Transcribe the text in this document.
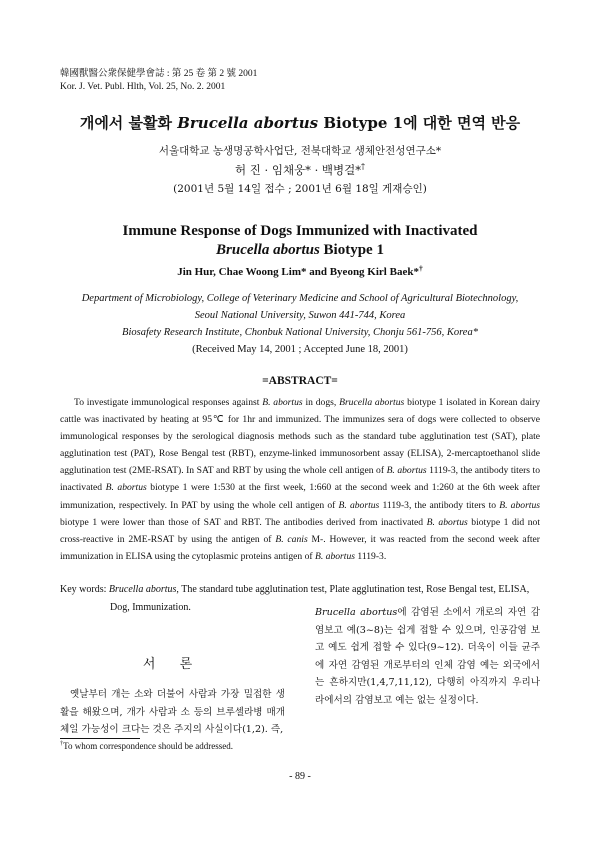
韓國獸醫公衆保健學會誌 : 第 25 卷 第 2 號 2001
Kor. J. Vet. Publ. Hlth, Vol. 25, No. 2. 2001
개에서 불활화 Brucella abortus Biotype 1에 대한 면역 반응
서울대학교 농생명공학사업단, 전북대학교 생체안전성연구소*
허 진 · 임채웅* · 백병걸*†
(2001년 5월 14일 접수 ; 2001년 6월 18일 게재승인)
Immune Response of Dogs Immunized with Inactivated
Brucella abortus Biotype 1
Jin Hur, Chae Woong Lim* and Byeong Kirl Baek*†
Department of Microbiology, College of Veterinary Medicine and School of Agricultural Biotechnology,
Seoul National University, Suwon 441-744, Korea
Biosafety Research Institute, Chonbuk National University, Chonju 561-756, Korea*
(Received May 14, 2001 ; Accepted June 18, 2001)
=ABSTRACT=
To investigate immunological responses against B. abortus in dogs, Brucella abortus biotype 1 isolated in Korean dairy cattle was inactivated by heating at 95℃ for 1hr and immunized. The immunizes sera of dogs were collected to observe immunological responses by the serological diagnosis methods such as the standard tube agglutination test (SAT), plate agglutination test (PAT), Rose Bengal test (RBT), enzyme-linked immunosorbent assay (ELISA), 2-mercaptoethanol slide agglutination test (2ME-RSAT). In SAT and RBT by using the whole cell antigen of B. abortus 1119-3, the antibody titers to inactivated B. abortus biotype 1 were 1:530 at the first week, 1:660 at the second week and 1:260 at the 6th week after immunization, respectively. In PAT by using the whole cell antigen of B. abortus 1119-3, the antibody titers to B. abortus biotype 1 were lower than those of SAT and RBT. The antibodies derived from inactivated B. abortus biotype 1 did not cross-reactive in 2ME-RSAT by using the antigen of B. canis M-. However, it was reacted from the second week after immunization in ELISA using the cytoplasmic proteins antigen of B. abortus 1119-3.
Key words: Brucella abortus, The standard tube agglutination test, Plate agglutination test, Rose Bengal test, ELISA,
Dog, Immunization.
서 론
옛날부터 개는 소와 더불어 사람과 가장 밀접한 생활을 해왔으며, 개가 사람과 소 등의 브루셀라병 매개체일 가능성이 크다는 것은 주지의 사실이다(1,2). 즉,
Brucella abortus에 감염된 소에서 개로의 자연 감염보고 예(3~8)는 쉽게 접할 수 있으며, 인공감염 보고 예도 쉽게 접할 수 있다(9~12). 더욱이 이들 균주에 자연 감염된 개로부터의 인체 감염 예는 외국에서는 흔하지만(1,4,7,11,12), 다행히 아직까지 우리나라에서의 감염보고 예는 없는 실정이다.
†To whom correspondence should be addressed.
- 89 -
